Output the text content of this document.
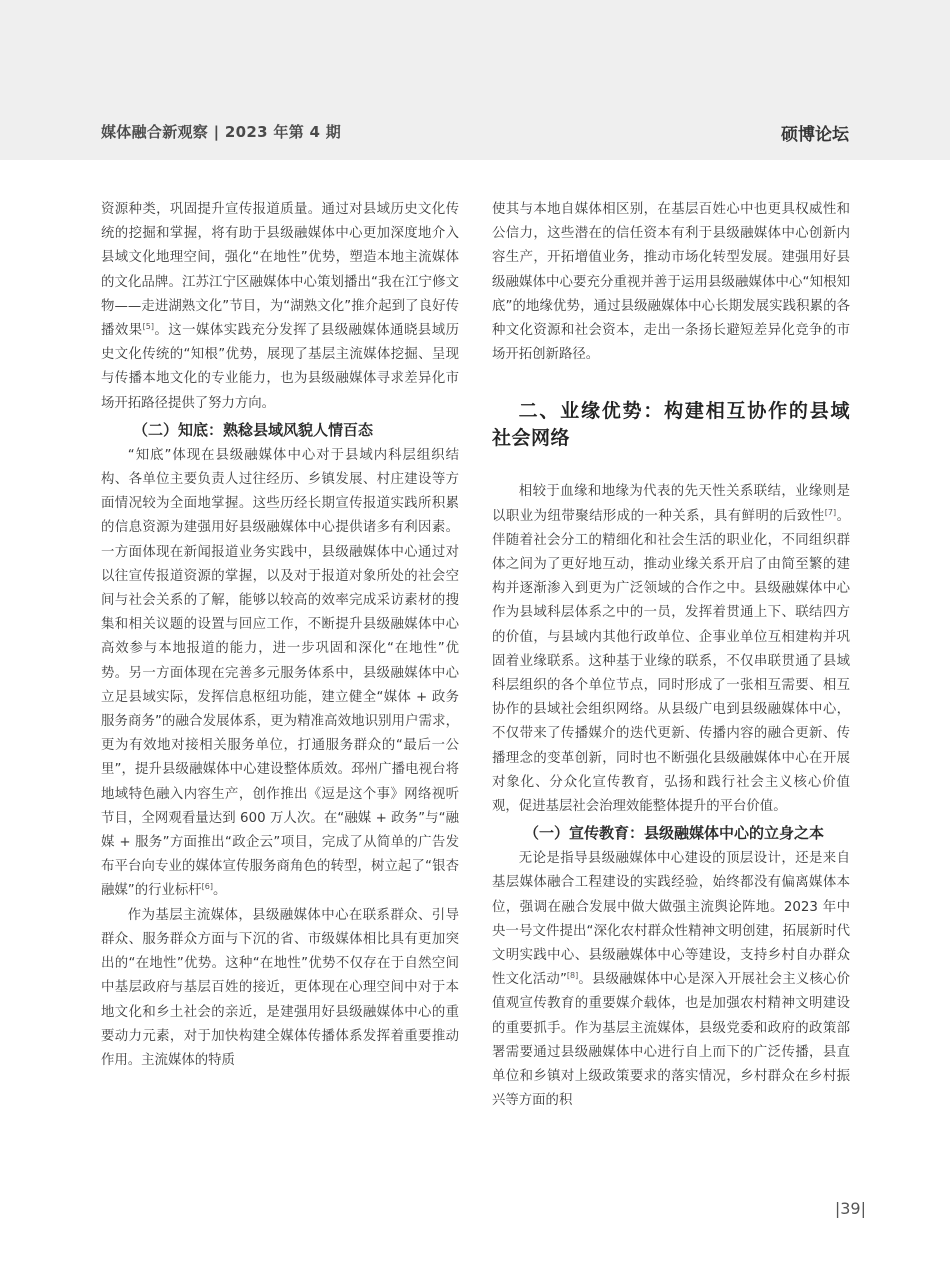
媒体融合新观察 | 2023 年第 4 期	硕博论坛

资源种类，巩固提升宣传报道质量。通过对县域历史文化传统的挖掘和掌握，将有助于县级融媒体中心更加深度地介入县域文化地理空间，强化“在地性”优势，塑造本地主流媒体的文化品牌。江苏江宁区融媒体中心策划播出“我在江宁修文物——走进湖熟文化”节目，为“湖熟文化”推介起到了良好传播效果[5]。这一媒体实践充分发挥了县级融媒体通晓县域历史文化传统的“知根”优势，展现了基层主流媒体挖掘、呈现与传播本地文化的专业能力，也为县级融媒体寻求差异化市场开拓路径提供了努力方向。

（二）知底：熟稔县域风貌人情百态

“知底”体现在县级融媒体中心对于县域内科层组织结构、各单位主要负责人过往经历、乡镇发展、村庄建设等方面情况较为全面地掌握。这些历经长期宣传报道实践所积累的信息资源为建强用好县级融媒体中心提供诸多有利因素。一方面体现在新闻报道业务实践中，县级融媒体中心通过对以往宣传报道资源的掌握，以及对于报道对象所处的社会空间与社会关系的了解，能够以较高的效率完成采访素材的搜集和相关议题的设置与回应工作，不断提升县级融媒体中心高效参与本地报道的能力，进一步巩固和深化“在地性”优势。另一方面体现在完善多元服务体系中，县级融媒体中心立足县域实际，发挥信息枢纽功能，建立健全“媒体 + 政务服务商务”的融合发展体系，更为精准高效地识别用户需求，更为有效地对接相关服务单位，打通服务群众的“最后一公里”，提升县级融媒体中心建设整体质效。邳州广播电视台将地域特色融入内容生产，创作推出《逗是这个事》网络视听节目，全网观看量达到 600 万人次。在“融媒 + 政务”与“融媒 + 服务”方面推出“政企云”项目，完成了从简单的广告发布平台向专业的媒体宣传服务商角色的转型，树立起了“银杏融媒”的行业标杆[6]。

作为基层主流媒体，县级融媒体中心在联系群众、引导群众、服务群众方面与下沉的省、市级媒体相比具有更加突出的“在地性”优势。这种“在地性”优势不仅存在于自然空间中基层政府与基层百姓的接近，更体现在心理空间中对于本地文化和乡土社会的亲近，是建强用好县级融媒体中心的重要动力元素，对于加快构建全媒体传播体系发挥着重要推动作用。主流媒体的特质

使其与本地自媒体相区别，在基层百姓心中也更具权威性和公信力，这些潜在的信任资本有利于县级融媒体中心创新内容生产，开拓增值业务，推动市场化转型发展。建强用好县级融媒体中心要充分重视并善于运用县级融媒体中心“知根知底”的地缘优势，通过县级融媒体中心长期发展实践积累的各种文化资源和社会资本，走出一条扬长避短差异化竞争的市场开拓创新路径。

二、业缘优势：构建相互协作的县域社会网络

相较于血缘和地缘为代表的先天性关系联结，业缘则是以职业为纽带聚结形成的一种关系，具有鲜明的后致性[7]。伴随着社会分工的精细化和社会生活的职业化，不同组织群体之间为了更好地互动，推动业缘关系开启了由简至繁的建构并逐渐渗入到更为广泛领域的合作之中。县级融媒体中心作为县域科层体系之中的一员，发挥着贯通上下、联结四方的价值，与县域内其他行政单位、企事业单位互相建构并巩固着业缘联系。这种基于业缘的联系，不仅串联贯通了县域科层组织的各个单位节点，同时形成了一张相互需要、相互协作的县域社会组织网络。从县级广电到县级融媒体中心，不仅带来了传播媒介的迭代更新、传播内容的融合更新、传播理念的变革创新，同时也不断强化县级融媒体中心在开展对象化、分众化宣传教育，弘扬和践行社会主义核心价值观，促进基层社会治理效能整体提升的平台价值。

（一）宣传教育：县级融媒体中心的立身之本

无论是指导县级融媒体中心建设的顶层设计，还是来自基层媒体融合工程建设的实践经验，始终都没有偏离媒体本位，强调在融合发展中做大做强主流舆论阵地。2023 年中央一号文件提出“深化农村群众性精神文明创建，拓展新时代文明实践中心、县级融媒体中心等建设，支持乡村自办群众性文化活动”[8]。县级融媒体中心是深入开展社会主义核心价值观宣传教育的重要媒介载体，也是加强农村精神文明建设的重要抓手。作为基层主流媒体，县级党委和政府的政策部署需要通过县级融媒体中心进行自上而下的广泛传播，县直单位和乡镇对上级政策要求的落实情况，乡村群众在乡村振兴等方面的积

|39|
